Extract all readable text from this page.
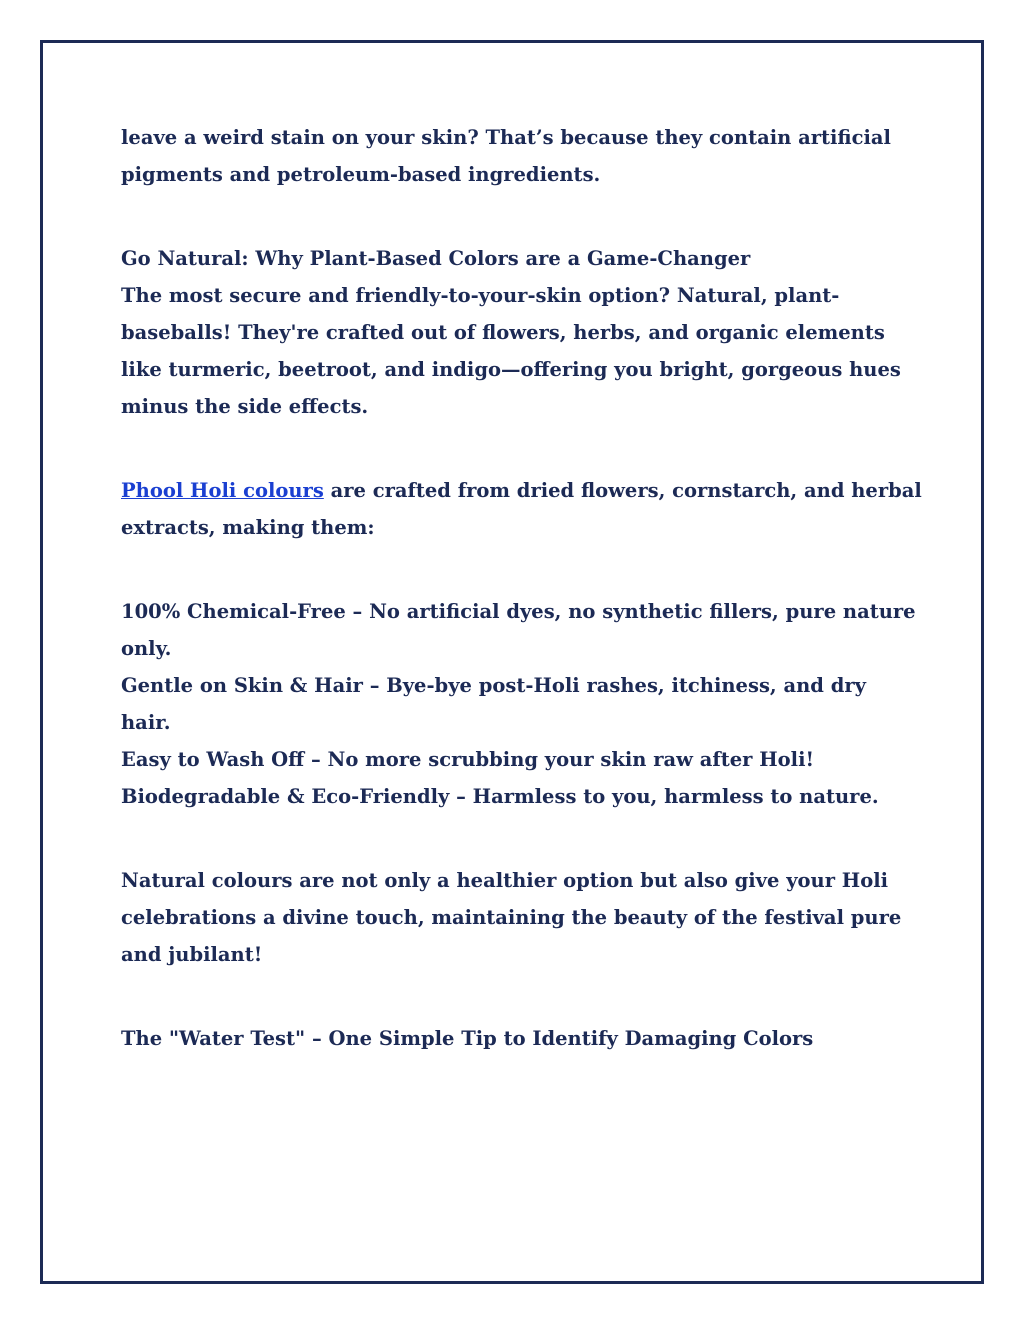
leave a weird stain on your skin? That’s because they contain artificial
pigments and petroleum-based ingredients.
Go Natural: Why Plant-Based Colors are a Game-Changer
The most secure and friendly-to-your-skin option? Natural, plant-
baseballs! They're crafted out of flowers, herbs, and organic elements
like turmeric, beetroot, and indigo—offering you bright, gorgeous hues
minus the side effects.
Phool Holi colours are crafted from dried flowers, cornstarch, and herbal
extracts, making them:
100% Chemical-Free – No artificial dyes, no synthetic fillers, pure nature
only.
Gentle on Skin & Hair – Bye-bye post-Holi rashes, itchiness, and dry
hair.
Easy to Wash Off – No more scrubbing your skin raw after Holi!
Biodegradable & Eco-Friendly – Harmless to you, harmless to nature.
Natural colours are not only a healthier option but also give your Holi
celebrations a divine touch, maintaining the beauty of the festival pure
and jubilant!
The "Water Test" – One Simple Tip to Identify Damaging Colors
